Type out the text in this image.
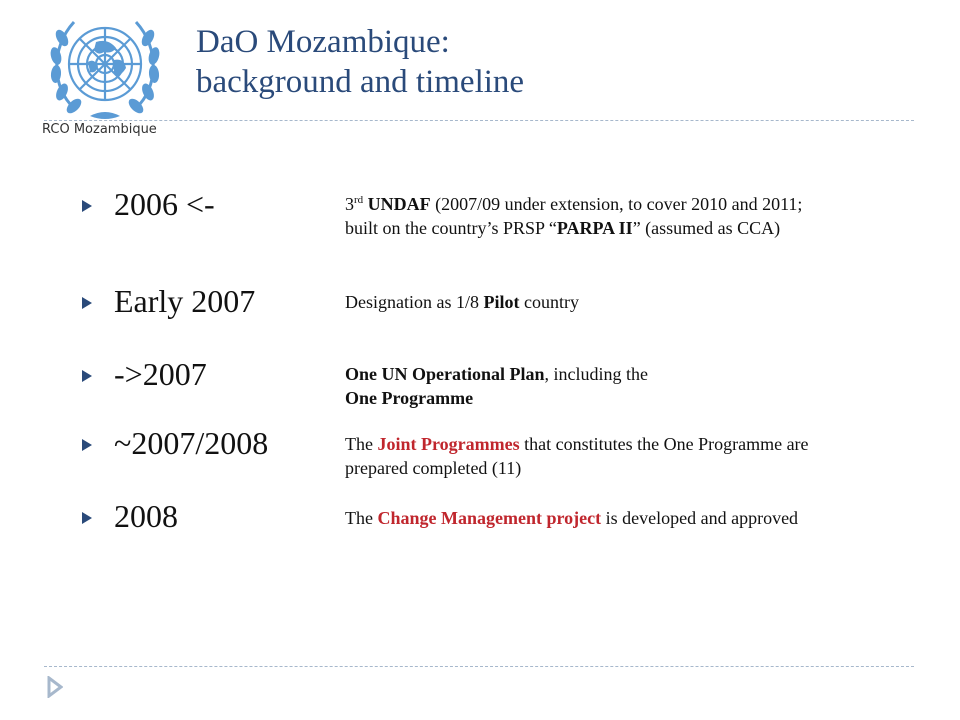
RCO Mozambique
DaO Mozambique:
background and timeline
2006 <-	3rd UNDAF (2007/09 under extension, to cover 2010 and 2011; built on the country’s PRSP “PARPA II” (assumed as CCA)
Early 2007	Designation as 1/8 Pilot country
->2007	One UN Operational Plan, including the
One Programme
~2007/2008	The Joint Programmes that constitutes the One Programme are prepared completed (11)
2008	The Change Management project is developed and approved
